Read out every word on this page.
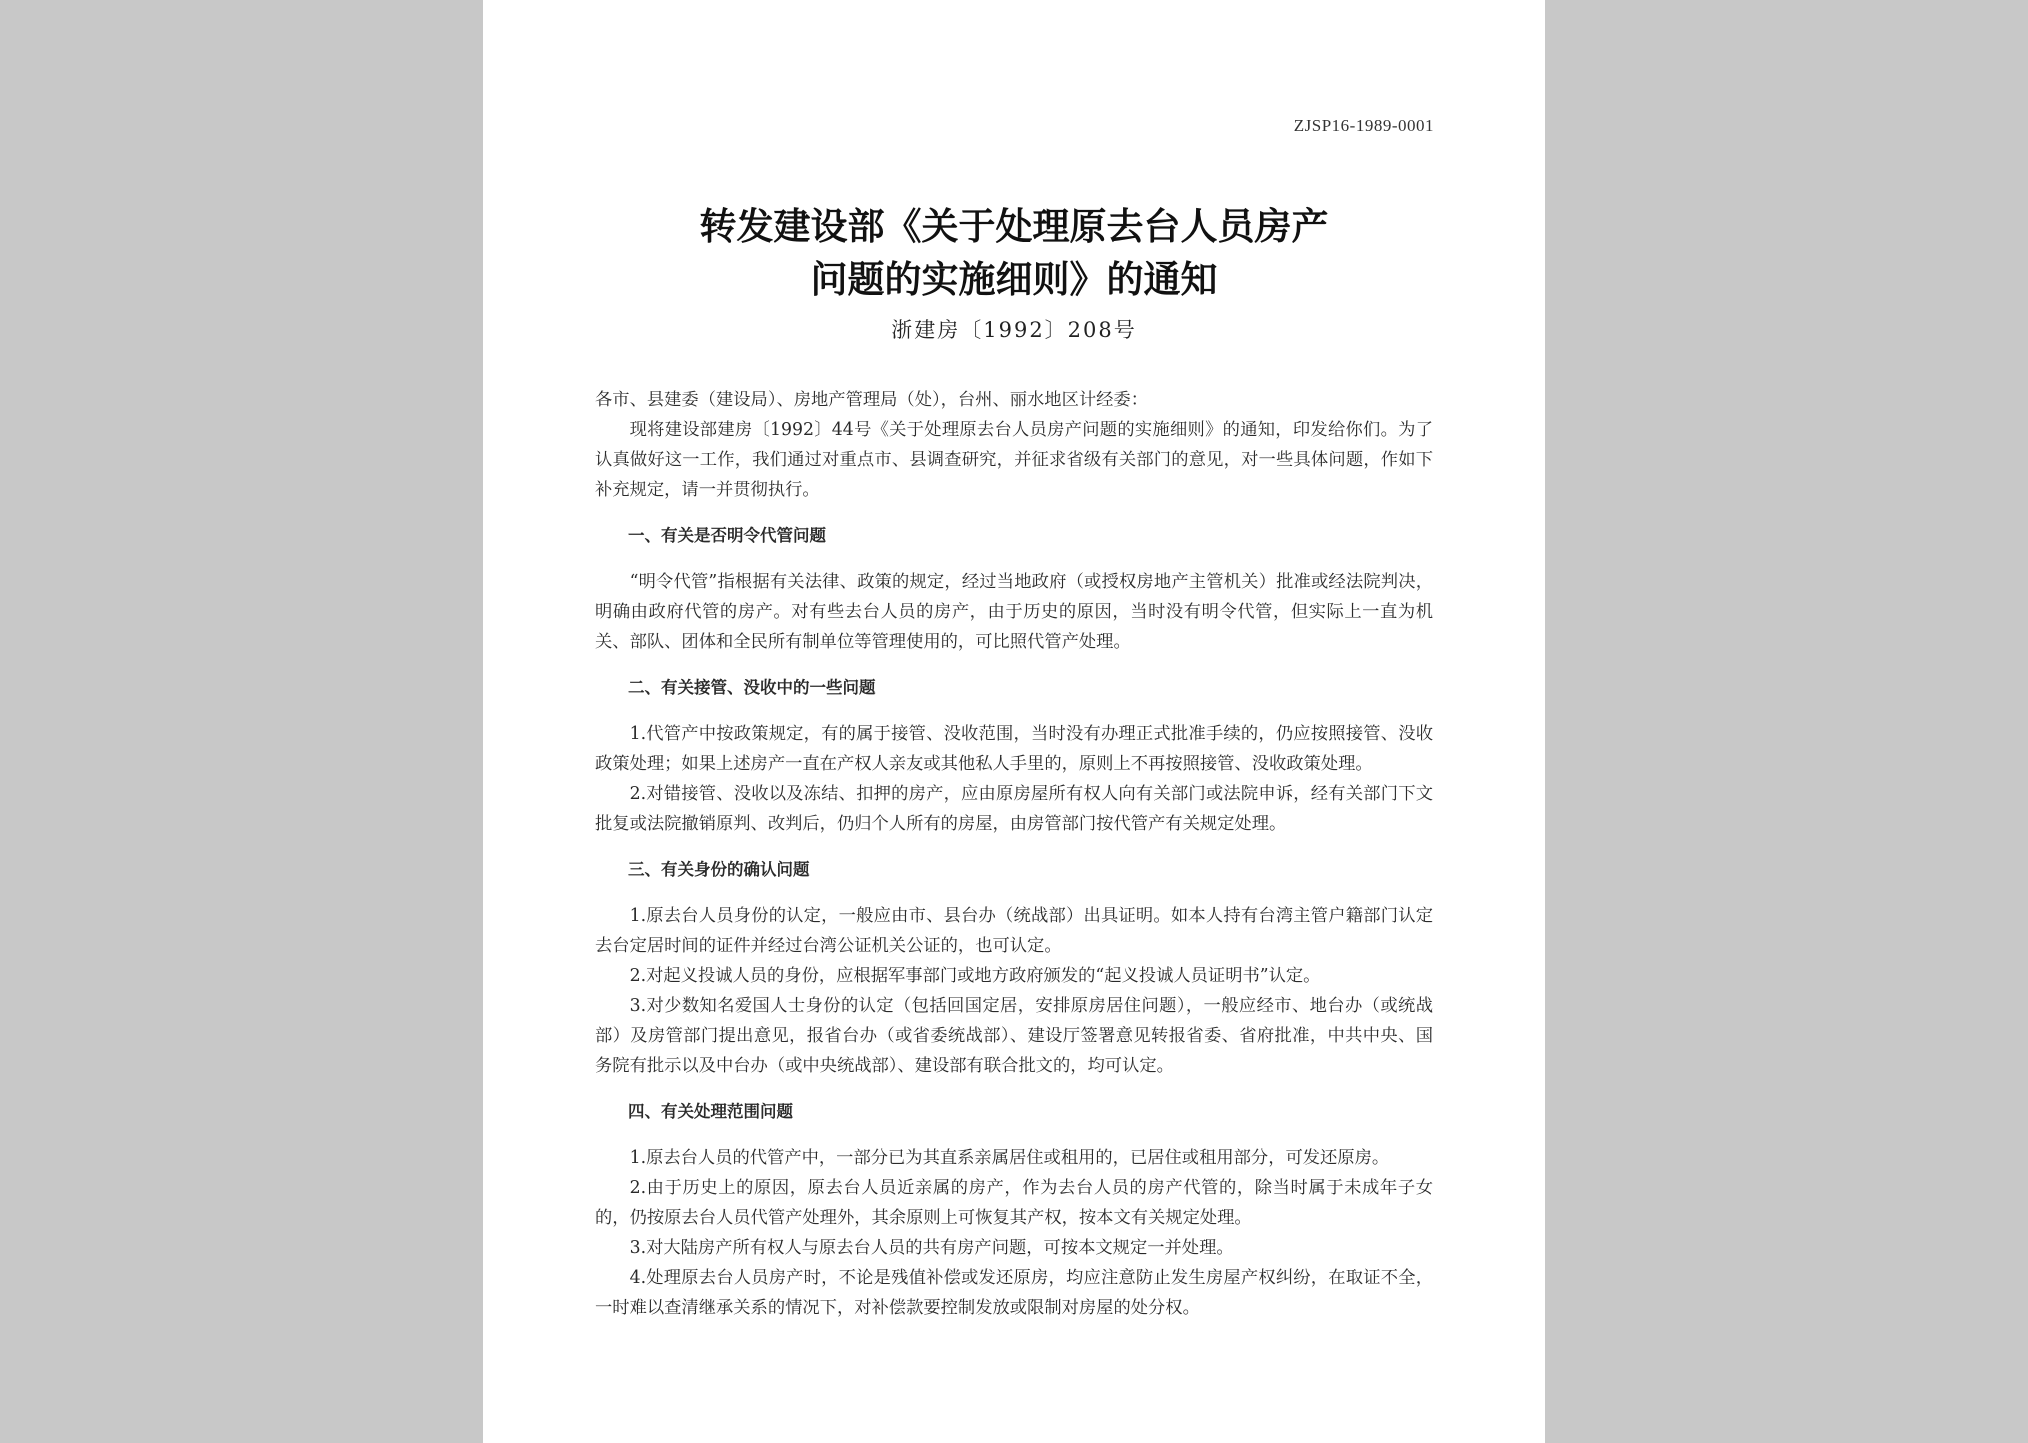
ZJSP16-1989-0001
转发建设部《关于处理原去台人员房产
问题的实施细则》的通知
浙建房〔1992〕208号

各市、县建委（建设局）、房地产管理局（处），台州、丽水地区计经委：

现将建设部建房〔1992〕44号《关于处理原去台人员房产问题的实施细则》的通知，印发给你们。为了认真做好这一工作，我们通过对重点市、县调查研究，并征求省级有关部门的意见，对一些具体问题，作如下补充规定，请一并贯彻执行。

一、有关是否明令代管问题

“明令代管”指根据有关法律、政策的规定，经过当地政府（或授权房地产主管机关）批准或经法院判决，明确由政府代管的房产。对有些去台人员的房产，由于历史的原因，当时没有明令代管，但实际上一直为机关、部队、团体和全民所有制单位等管理使用的，可比照代管产处理。

二、有关接管、没收中的一些问题

1.代管产中按政策规定，有的属于接管、没收范围，当时没有办理正式批准手续的，仍应按照接管、没收政策处理；如果上述房产一直在产权人亲友或其他私人手里的，原则上不再按照接管、没收政策处理。

2.对错接管、没收以及冻结、扣押的房产，应由原房屋所有权人向有关部门或法院申诉，经有关部门下文批复或法院撤销原判、改判后，仍归个人所有的房屋，由房管部门按代管产有关规定处理。

三、有关身份的确认问题

1.原去台人员身份的认定，一般应由市、县台办（统战部）出具证明。如本人持有台湾主管户籍部门认定去台定居时间的证件并经过台湾公证机关公证的，也可认定。

2.对起义投诚人员的身份，应根据军事部门或地方政府颁发的“起义投诚人员证明书”认定。

3.对少数知名爱国人士身份的认定（包括回国定居，安排原房居住问题），一般应经市、地台办（或统战部）及房管部门提出意见，报省台办（或省委统战部）、建设厅签署意见转报省委、省府批准，中共中央、国务院有批示以及中台办（或中央统战部）、建设部有联合批文的，均可认定。

四、有关处理范围问题

1.原去台人员的代管产中，一部分已为其直系亲属居住或租用的，已居住或租用部分，可发还原房。

2.由于历史上的原因，原去台人员近亲属的房产，作为去台人员的房产代管的，除当时属于未成年子女的，仍按原去台人员代管产处理外，其余原则上可恢复其产权，按本文有关规定处理。

3.对大陆房产所有权人与原去台人员的共有房产问题，可按本文规定一并处理。

4.处理原去台人员房产时，不论是残值补偿或发还原房，均应注意防止发生房屋产权纠纷，在取证不全，一时难以查清继承关系的情况下，对补偿款要控制发放或限制对房屋的处分权。
